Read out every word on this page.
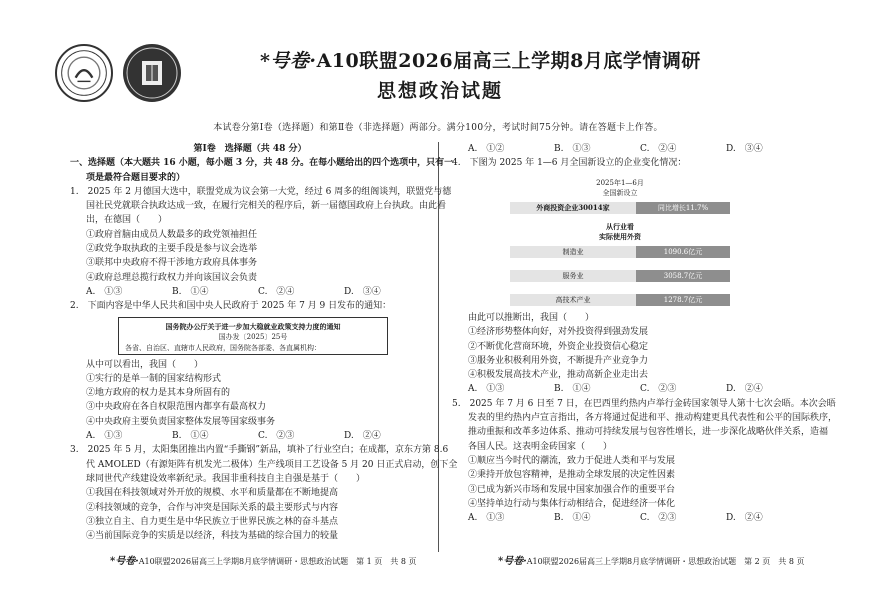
*号卷·A10联盟2026届高三上学期8月底学情调研
思想政治试题
本试卷分第Ⅰ卷（选择题）和第Ⅱ卷（非选择题）两部分。满分100分，考试时间75分钟。请在答题卡上作答。

第Ⅰ卷　选择题（共 48 分）

一、选择题（本大题共 16 小题，每小题 3 分，共 48 分。在每小题给出的四个选项中，只有一

项是最符合题目要求的）

1.　2025 年 2 月德国大选中，联盟党成为议会第一大党，经过 6 周多的组阁谈判，联盟党与德

国社民党就联合执政达成一致，在履行完相关的程序后，新一届德国政府上台执政。由此看

出，在德国（　　）

①政府首脑由成员人数最多的政党领袖担任

②政党争取执政的主要手段是参与议会选举

③联邦中央政府不得干涉地方政府具体事务

④政府总理总揽行政权力并向该国议会负责

A.　①③	B.　①④	C.　②④	D.　③④

2.　下面内容是中华人民共和国中央人民政府于 2025 年 7 月 9 日发布的通知：

国务院办公厅关于进一步加大稳就业政策支持力度的通知
国办发〔2025〕25号
各省、自治区、直辖市人民政府，国务院各部委、各直属机构：

从中可以看出，我国（　　）

①实行的是单一制的国家结构形式

②地方政府的权力是其本身所固有的

③中央政府在各自权限范围内都享有最高权力

④中央政府主要负责国家整体发展等国家级事务

A.　①③	B.　①④	C.　②③	D.　②④

3.　2025 年 5 月，太阳集团推出内置“手撕钢”新品，填补了行业空白；在成都，京东方第 8.6

代 AMOLED（有源矩阵有机发光二极体）生产线项目工艺设备 5 月 20 日正式启动，创下全

球同世代产线建设效率新纪录。我国非重科技自主自强是基于（　　）

①我国在科技领域对外开放的规模、水平和质量都在不断地提高

②科技领域的竞争，合作与冲突是国际关系的最主要形式与内容

③独立自主、自力更生是中华民族立于世界民族之林的奋斗基点

④当前国际竞争的实质是以经济，科技为基础的综合国力的较量

A.　①②	B.　①③	C.　②④	D.　③④

4.　下图为 2025 年 1—6 月全国新设立的企业变化情况：

2025年1—6月
全国新设立
外商投资企业30014家	同比增长11.7%
从行业看
实际使用外资
制造业	1090.6亿元
服务业	3058.7亿元
高技术产业	1278.7亿元

由此可以推断出，我国（　　）

①经济形势整体向好，对外投资得到强劲发展

②不断优化营商环境，外资企业投资信心稳定

③服务业积极利用外资，不断提升产业竞争力

④积极发展高技术产业，推动高新企业走出去

A.　①③	B.　①④	C.　②③	D.　②④

5.　2025 年 7 月 6 日至 7 日，在巴西里约热内卢举行金砖国家领导人第十七次会晤。本次会晤

发表的里约热内卢宣言指出，各方将通过促进和平、推动构建更具代表性和公平的国际秩序，

推动重振和改革多边体系、推动可持续发展与包容性增长，进一步深化战略伙伴关系，造福

各国人民。这表明金砖国家（　　）

①顺应当今时代的潮流，致力于促进人类和平与发展

②秉持开放包容精神，是推动全球发展的决定性因素

③已成为新兴市场和发展中国家加强合作的重要平台

④坚持单边行动与集体行动相结合，促进经济一体化

A.　①③	B.　①④	C.　②③	D.　②④

*号卷·A10联盟2026届高三上学期8月底学情调研・思想政治试题　第 1 页　共 8 页	*号卷·A10联盟2026届高三上学期8月底学情调研・思想政治试题　第 2 页　共 8 页
